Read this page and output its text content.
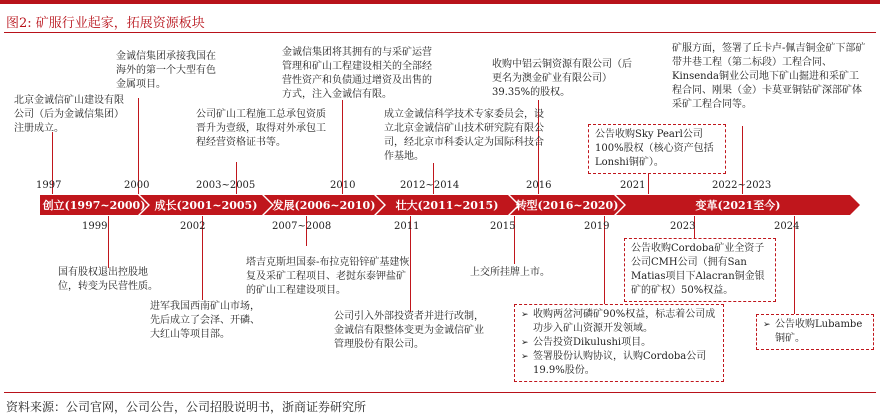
图2: 矿服行业起家，拓展资源板块
创立(1997~2000) 成长(2001~2005) 发展(2006~2010) 壮大(2011~2015) 转型(2016~2020)	变革(2021至今)
1997	2000	2003~2005	2010	2012~2014	2016	2021	2022~2023
1999	2002	2007~2008	2011	2015	2019	2023	2024
北京金诚信矿山建设有限公司（后为金诚信集团）注册成立。
金诚信集团承接我国在海外的第一个大型有色金属项目。
公司矿山工程施工总承包资质晋升为壹级，取得对外承包工程经营资格证书等。
金诚信集团将其拥有的与采矿运营管理和矿山工程建设相关的全部经营性资产和负债通过增资及出售的方式，注入金诚信有限。
成立金诚信科学技术专家委员会，设立北京金诚信矿山技术研究院有限公司，经北京市科委认定为国际科技合作基地。
收购中铝云铜资源有限公司（后更名为澳金矿业有限公司）39.35%的股权。
公告收购Sky Pearl公司100%股权（核心资产包括Lonshi铜矿）。
矿服方面，签署了丘卡卢-佩吉铜金矿下部矿带井巷工程（第二标段）工程合同、Kinsenda铜业公司地下矿山掘进和采矿工程合同、刚果（金）卡莫亚铜钴矿深部矿体采矿工程合同等。
国有股权退出控股地位，转变为民营性质。
进军我国西南矿山市场，先后成立了会泽、开磷、大红山等项目部。
塔吉克斯坦国泰-布拉克铅锌矿基建恢复及采矿工程项目、老挝东泰钾盐矿的矿山工程建设项目。
公司引入外部投资者并进行改制，金诚信有限整体变更为金诚信矿业管理股份有限公司。
上交所挂牌上市。
➢ 收购两岔河磷矿90%权益，标志着公司成功步入矿山资源开发领域。
➢ 公告投资Dikulushi项目。
➢ 签署股份认购协议，认购Cordoba公司19.9%股份。
公告收购Cordoba矿业全资子公司CMH公司（拥有San Matias项目下Alacran铜金银矿的矿权）50%权益。
➢ 公告收购Lubambe铜矿。
资料来源：公司官网，公司公告，公司招股说明书，浙商证券研究所
